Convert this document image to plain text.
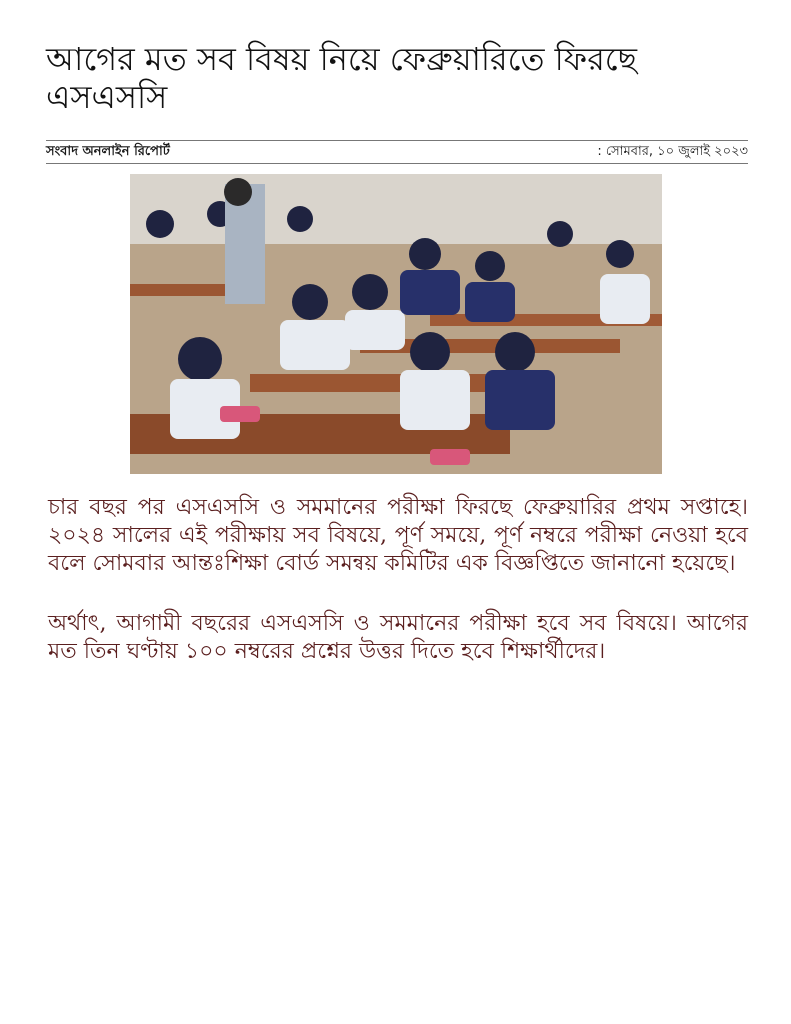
আগের মত সব বিষয় নিয়ে ফেব্রুয়ারিতে ফিরছে এসএসসি
সংবাদ অনলাইন রিপোর্ট	: সোমবার, ১০ জুলাই ২০২৩

চার বছর পর এসএসসি ও সমমানের পরীক্ষা ফিরছে ফেব্রুয়ারির প্রথম সপ্তাহে। ২০২৪ সালের এই পরীক্ষায় সব বিষয়ে, পূর্ণ সময়ে, পূর্ণ নম্বরে পরীক্ষা নেওয়া হবে বলে সোমবার আন্তঃশিক্ষা বোর্ড সমন্বয় কমিটির এক বিজ্ঞপ্তিতে জানানো হয়েছে।

অর্থাৎ, আগামী বছরের এসএসসি ও সমমানের পরীক্ষা হবে সব বিষয়ে। আগের মত তিন ঘণ্টায় ১০০ নম্বরের প্রশ্নের উত্তর দিতে হবে শিক্ষার্থীদের।
